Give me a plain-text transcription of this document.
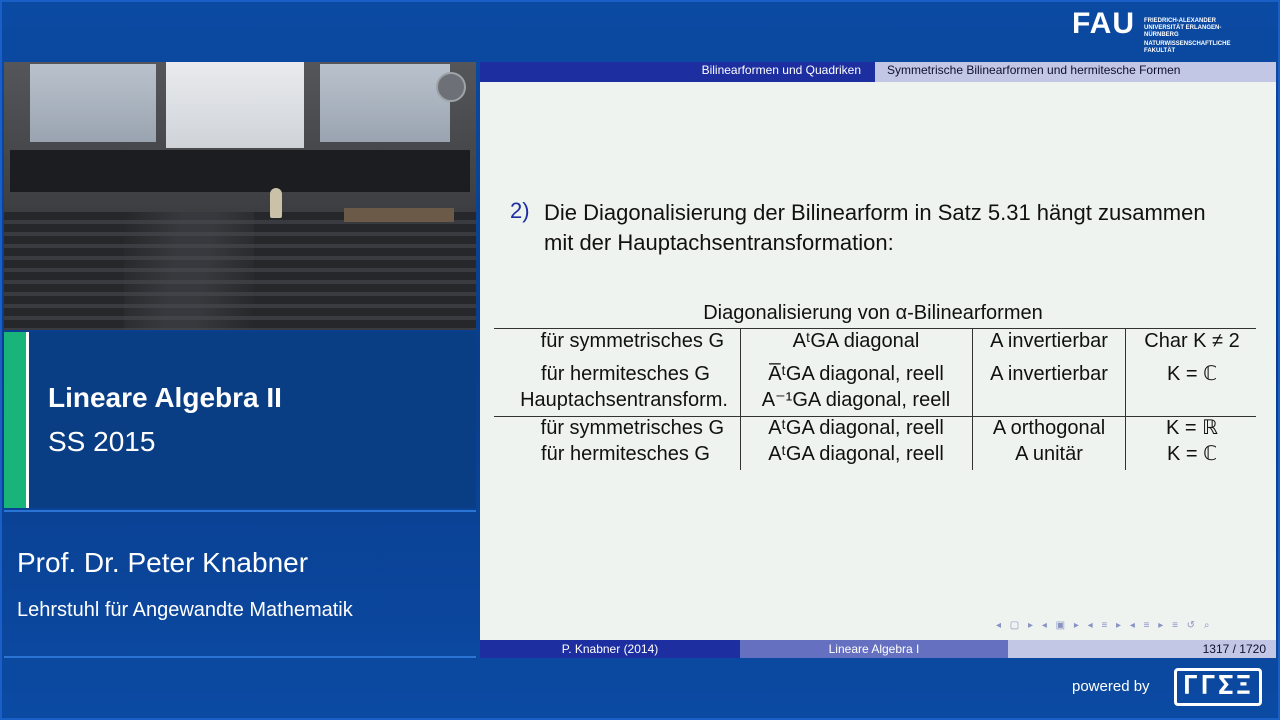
FAU FRIEDRICH-ALEXANDER UNIVERSITÄT ERLANGEN-NÜRNBERG
NATURWISSENSCHAFTLICHE FAKULTÄT
Lineare Algebra II
SS 2015
Prof. Dr. Peter Knabner
Lehrstuhl für Angewandte Mathematik
Bilinearformen und Quadriken	Symmetrische Bilinearformen und hermitesche Formen
2) Die Diagonalisierung der Bilinearform in Satz 5.31 hängt zusammen
mit der Hauptachsentransformation:
Diagonalisierung von α-Bilinearformen
für symmetrisches G	AᵗGA diagonal	A invertierbar	Char K ≠ 2
für hermitesches G	A̅ᵗGA diagonal, reell	A invertierbar	K = ℂ
Hauptachsentransform.	A⁻¹GA diagonal, reell
für symmetrisches G	AᵗGA diagonal, reell	A orthogonal	K = ℝ
für hermitesches G	AᵗGA diagonal, reell	A unitär	K = ℂ
◂ ▢ ▸ ◂ ▣ ▸ ◂ ≡ ▸ ◂ ≡ ▸ ≡ ↺ ⌕
P. Knabner (2014)	Lineare Algebra I	1317 / 1720
powered by	ΓΓƩΞ
